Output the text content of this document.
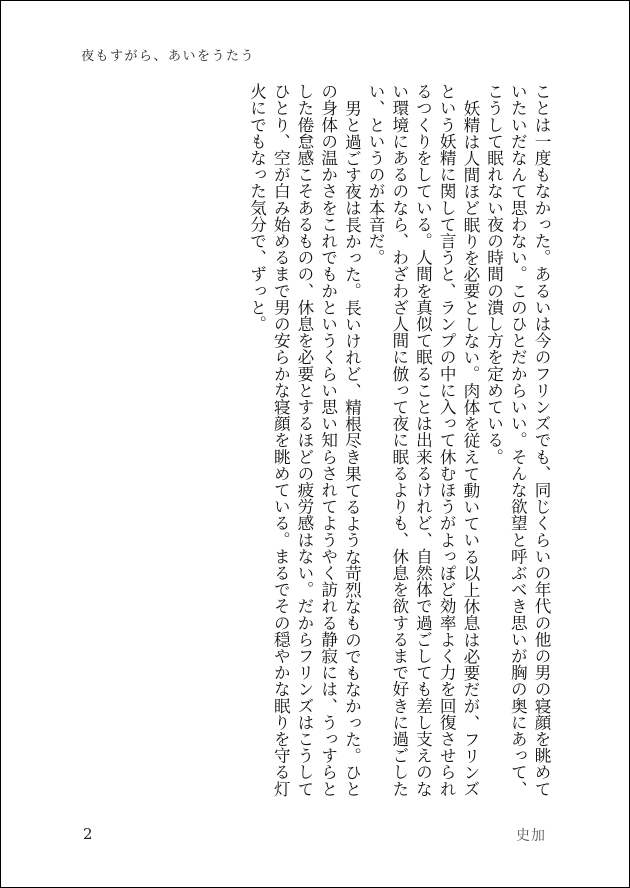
夜もすがら、あいをうたう

ことは一度もなかった。あるいは今のフリンズでも、同じくらいの年代の他の男の寝顔を眺めていたいだなんて思わない。このひとだからいい。そんな欲望と呼ぶべき思いが胸の奥にあって、こうして眠れない夜の時間の潰し方を定めている。

妖精は人間ほど眠りを必要としない。肉体を従えて動いている以上休息は必要だが、フリンズという妖精に関して言うと、ランプの中に入って休むほうがよっぽど効率よく力を回復させられるつくりをしている。人間を真似て眠ることは出来るけれど、自然体で過ごしても差し支えのない環境にあるのなら、わざわざ人間に倣って夜に眠るよりも、休息を欲するまで好きに過ごしたい、というのが本音だ。

男と過ごす夜は長かった。長いけれど、精根尽き果てるような苛烈なものでもなかった。ひとの身体の温かさをこれでもかというくらい思い知らされてようやく訪れる静寂には、うっすらとした倦怠感こそあるものの、休息を必要とするほどの疲労感はない。だからフリンズはこうしてひとり、空が白み始めるまで男の安らかな寝顔を眺めている。まるでその穏やかな眠りを守る灯火にでもなった気分で、ずっと。

2	史加
